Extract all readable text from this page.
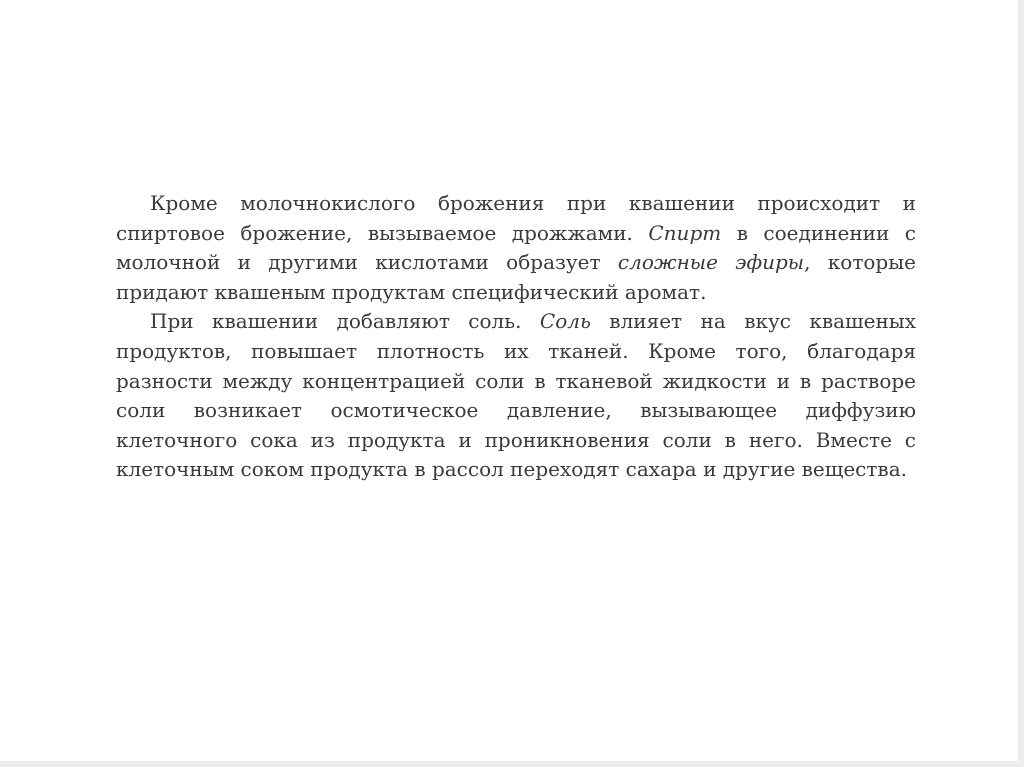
Кроме молочнокислого брожения при квашении происходит и спиртовое брожение, вызываемое дрожжами. Спирт в соединении с молочной и другими кислотами образует сложные эфиры, которые придают квашеным продуктам специфический аромат.

При квашении добавляют соль. Соль влияет на вкус квашеных продуктов, повышает плотность их тканей. Кроме того, благодаря разности между концентрацией соли в тканевой жидкости и в растворе соли возникает осмотическое давление, вызывающее диффузию клеточного сока из продукта и проникновения соли в него. Вместе с клеточным соком продукта в рассол переходят сахара и другие вещества.
